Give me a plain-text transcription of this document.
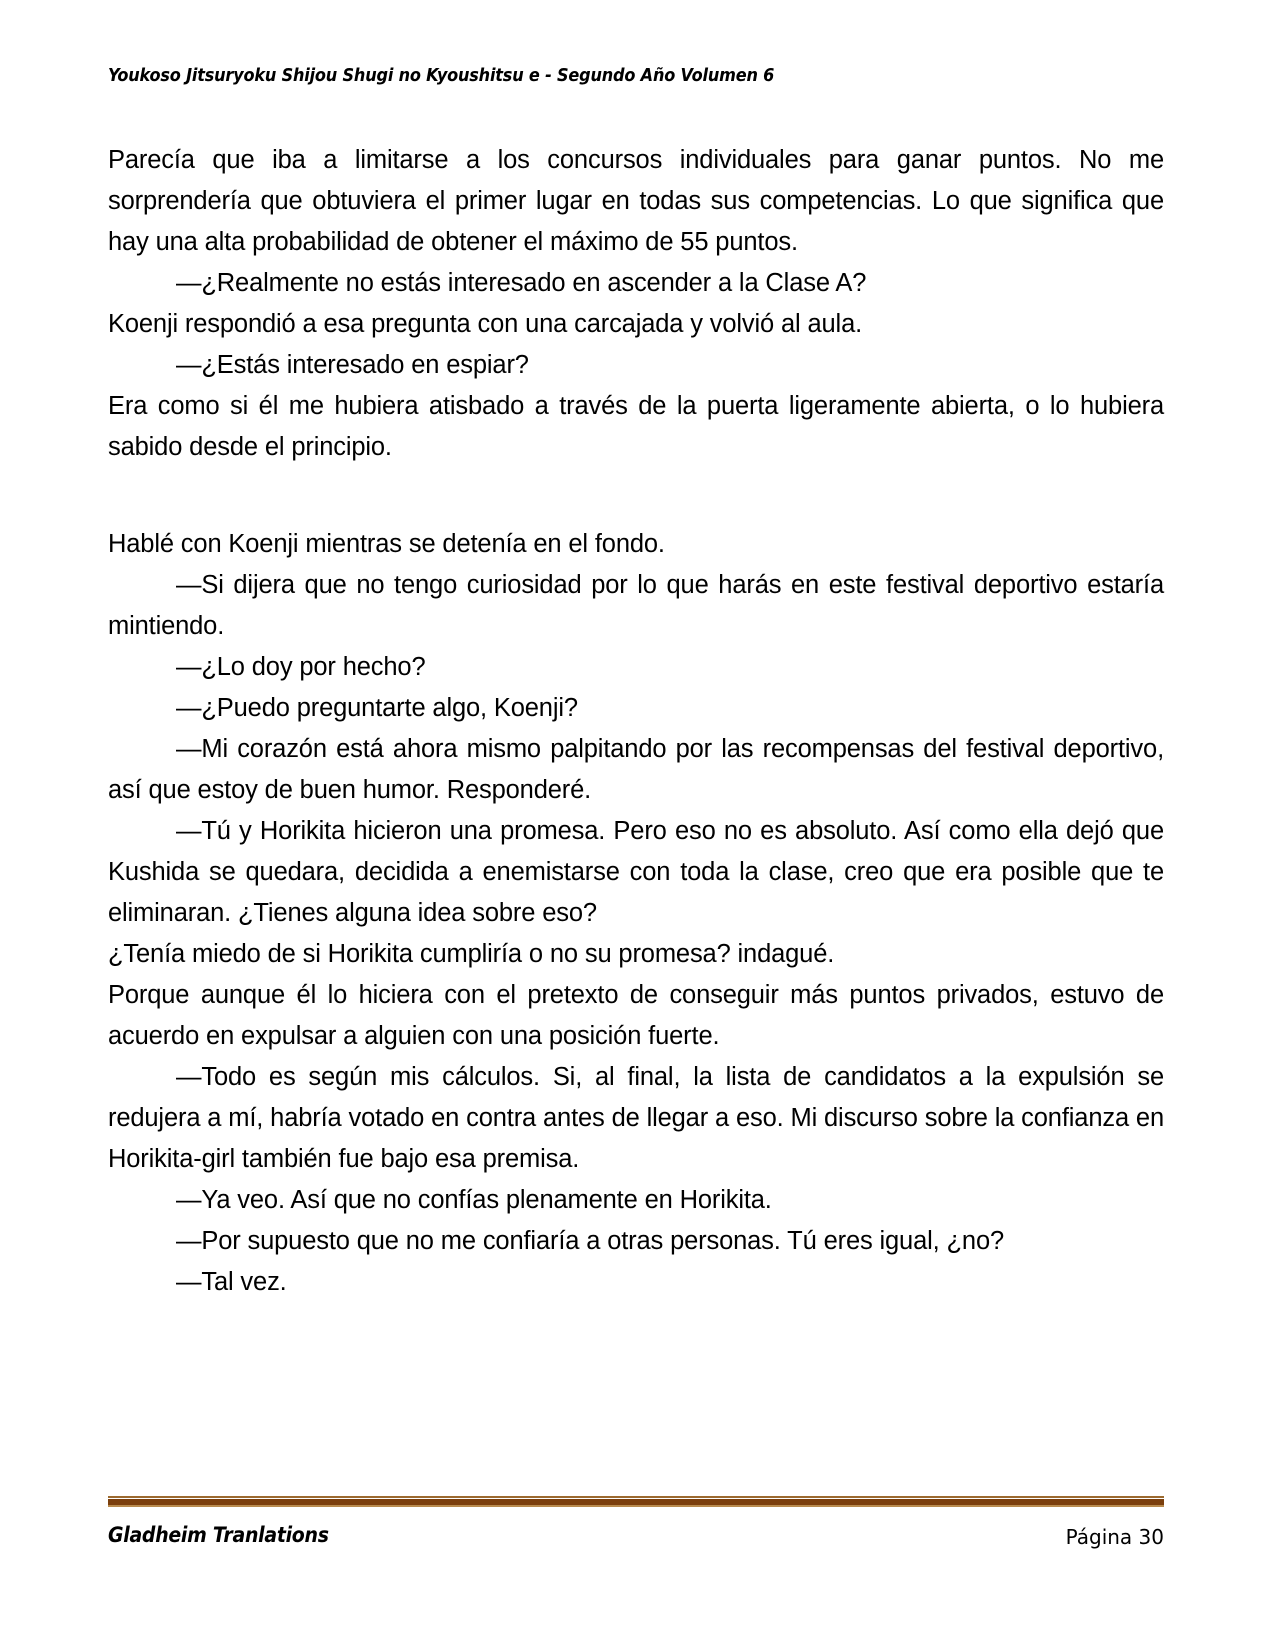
Youkoso Jitsuryoku Shijou Shugi no Kyoushitsu e - Segundo Año Volumen 6

Parecía que iba a limitarse a los concursos individuales para ganar puntos. No me sorprendería que obtuviera el primer lugar en todas sus competencias. Lo que significa que hay una alta probabilidad de obtener el máximo de 55 puntos.

—¿Realmente no estás interesado en ascender a la Clase A?

Koenji respondió a esa pregunta con una carcajada y volvió al aula.

—¿Estás interesado en espiar?

Era como si él me hubiera atisbado a través de la puerta ligeramente abierta, o lo hubiera sabido desde el principio.

Hablé con Koenji mientras se detenía en el fondo.

—Si dijera que no tengo curiosidad por lo que harás en este festival deportivo estaría mintiendo.

—¿Lo doy por hecho?

—¿Puedo preguntarte algo, Koenji?

—Mi corazón está ahora mismo palpitando por las recompensas del festival deportivo, así que estoy de buen humor. Responderé.

—Tú y Horikita hicieron una promesa. Pero eso no es absoluto. Así como ella dejó que Kushida se quedara, decidida a enemistarse con toda la clase, creo que era posible que te eliminaran. ¿Tienes alguna idea sobre eso?

¿Tenía miedo de si Horikita cumpliría o no su promesa? indagué.

Porque aunque él lo hiciera con el pretexto de conseguir más puntos privados, estuvo de acuerdo en expulsar a alguien con una posición fuerte.

—Todo es según mis cálculos. Si, al final, la lista de candidatos a la expulsión se redujera a mí, habría votado en contra antes de llegar a eso. Mi discurso sobre la confianza en Horikita-girl también fue bajo esa premisa.

—Ya veo. Así que no confías plenamente en Horikita.

—Por supuesto que no me confiaría a otras personas. Tú eres igual, ¿no?

—Tal vez.

Gladheim Tranlations	Página 30
